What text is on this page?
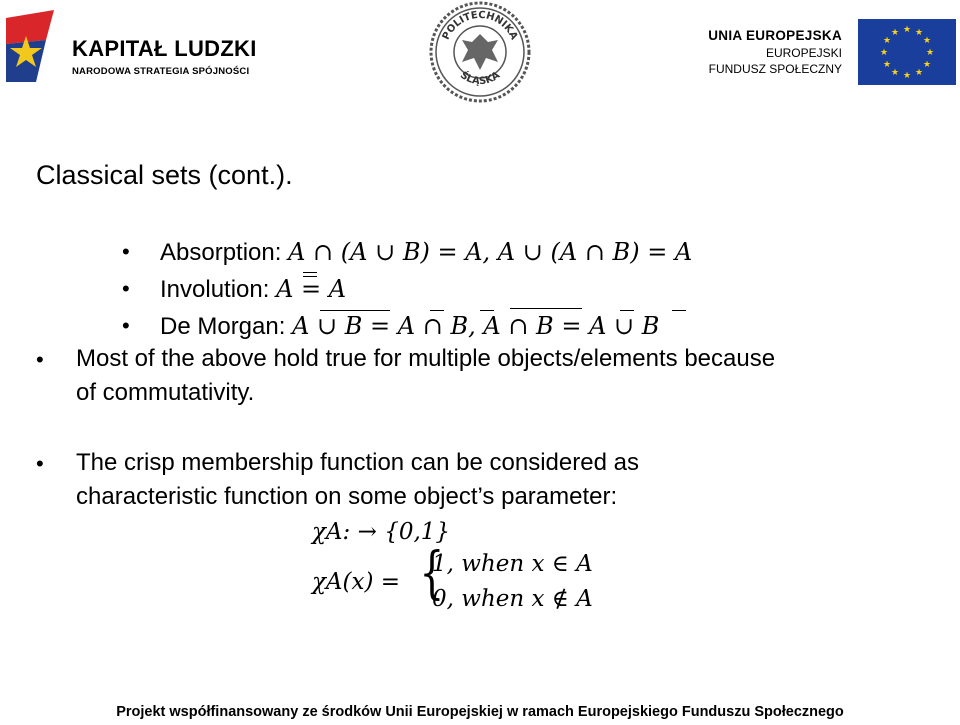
KAPITAŁ LUDZKI
NARODOWA STRATEGIA SPÓJNOŚCI
POLITECHNIKA
ŚLĄSKA
UNIA EUROPEJSKA
EUROPEJSKI
FUNDUSZ SPOŁECZNY
★ ★
★
★
★
★
★
★
★
★
★
★
Classical sets (cont.).
• Absorption: A ∩ (A ∪ B) = A, A ∪ (A ∩ B) = A
• Involution: A = A
• De Morgan: A ∪ B = A ∩ B, A ∩ B = A ∪ B
• Most of the above hold true for multiple objects/elements because
of commutativity.
• The crisp membership function can be considered as
characteristic function on some object’s parameter:
χA: → {0,1}
χA(x) = {
1, when x ∈ A
0, when x ∉ A
Projekt współfinansowany ze środków Unii Europejskiej w ramach Europejskiego Funduszu Społecznego
